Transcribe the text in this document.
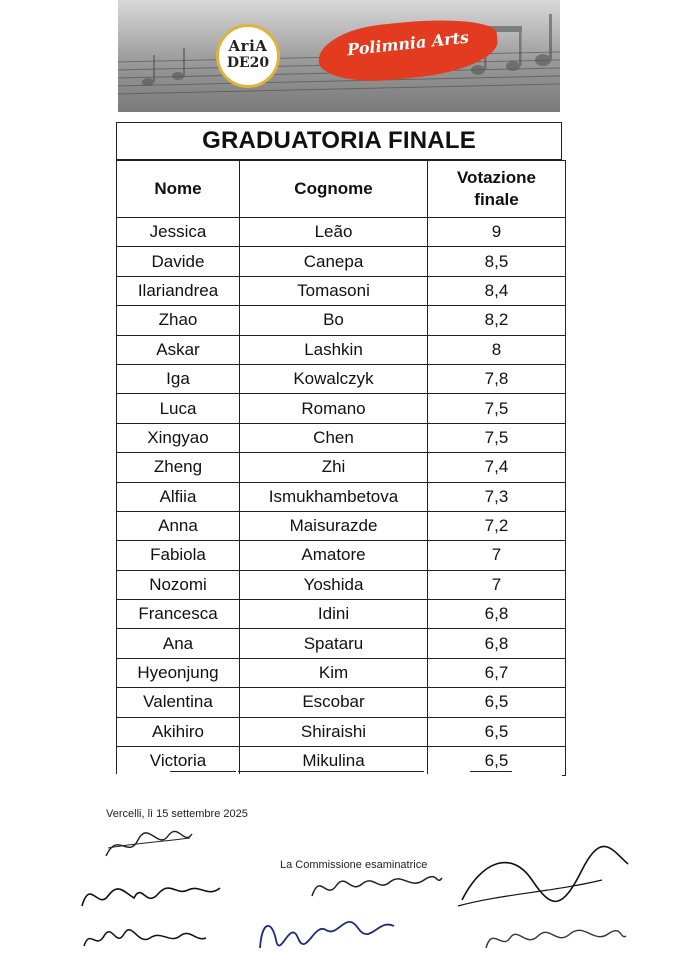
AriA
DE20
Polimnia Arts
GRADUATORIA FINALE
Nome	Cognome	Votazione finale
Jessica	Leão	9
Davide	Canepa	8,5
Ilariandrea	Tomasoni	8,4
Zhao	Bo	8,2
Askar	Lashkin	8
Iga	Kowalczyk	7,8
Luca	Romano	7,5
Xingyao	Chen	7,5
Zheng	Zhi	7,4
Alfiia	Ismukhambetova	7,3
Anna	Maisurazde	7,2
Fabiola	Amatore	7
Nozomi	Yoshida	7
Francesca	Idini	6,8
Ana	Spataru	6,8
Hyeonjung	Kim	6,7
Valentina	Escobar	6,5
Akihiro	Shiraishi	6,5
Victoria	Mikulina	6,5
Vercelli, lì 15 settembre 2025
La Commissione esaminatrice
